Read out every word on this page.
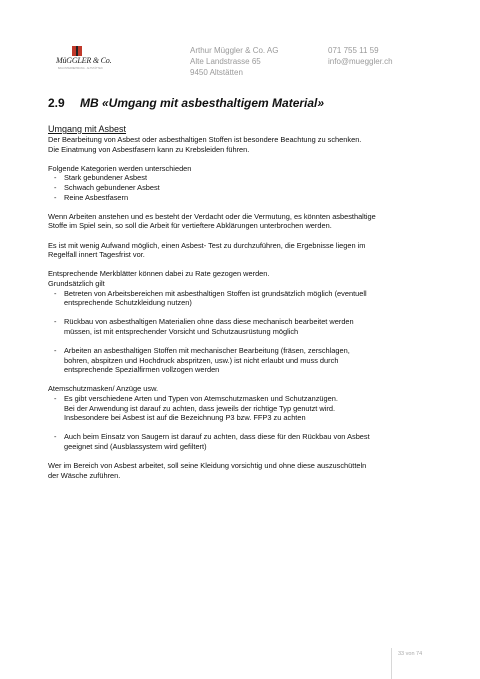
MüGGLER & Co.
BAUUNTERNEHMUNG · ALTSTÄTTEN
Arthur Müggler & Co. AG
Alte Landstrasse 65
9450 Altstätten
071 755 11 59
info@mueggler.ch
2.9 MB «Umgang mit asbesthaltigem Material»

Umgang mit Asbest

Der Bearbeitung von Asbest oder asbesthaltigen Stoffen ist besondere Beachtung zu schenken.

Die Einatmung von Asbestfasern kann zu Krebsleiden führen.

Folgende Kategorien werden unterschieden

- Stark gebundener Asbest
- Schwach gebundener Asbest
- Reine Asbestfasern

Wenn Arbeiten anstehen und es besteht der Verdacht oder die Vermutung, es könnten asbesthaltige

Stoffe im Spiel sein, so soll die Arbeit für vertieftere Abklärungen unterbrochen werden.

Es ist mit wenig Aufwand möglich, einen Asbest- Test zu durchzuführen, die Ergebnisse liegen im

Regelfall innert Tagesfrist vor.

Entsprechende Merkblätter können dabei zu Rate gezogen werden.

Grundsätzlich gilt

- Betreten von Arbeitsbereichen mit asbesthaltigen Stoffen ist grundsätzlich möglich (eventuell
entsprechende Schutzkleidung nutzen)
- Rückbau von asbesthaltigen Materialien ohne dass diese mechanisch bearbeitet werden
müssen, ist mit entsprechender Vorsicht und Schutzausrüstung möglich
- Arbeiten an asbesthaltigen Stoffen mit mechanischer Bearbeitung (fräsen, zerschlagen,
bohren, abspitzen und Hochdruck abspritzen, usw.) ist nicht erlaubt und muss durch
entsprechende Spezialfirmen vollzogen werden

Atemschutzmasken/ Anzüge usw.

- Es gibt verschiedene Arten und Typen von Atemschutzmasken und Schutzanzügen.
Bei der Anwendung ist darauf zu achten, dass jeweils der richtige Typ genutzt wird.
Insbesondere bei Asbest ist auf die Bezeichnung P3 bzw. FFP3 zu achten
- Auch beim Einsatz von Saugern ist darauf zu achten, dass diese für den Rückbau von Asbest
geeignet sind (Ausblassystem wird gefiltert)

Wer im Bereich von Asbest arbeitet, soll seine Kleidung vorsichtig und ohne diese auszuschütteln

der Wäsche zuführen.

33 von 74
